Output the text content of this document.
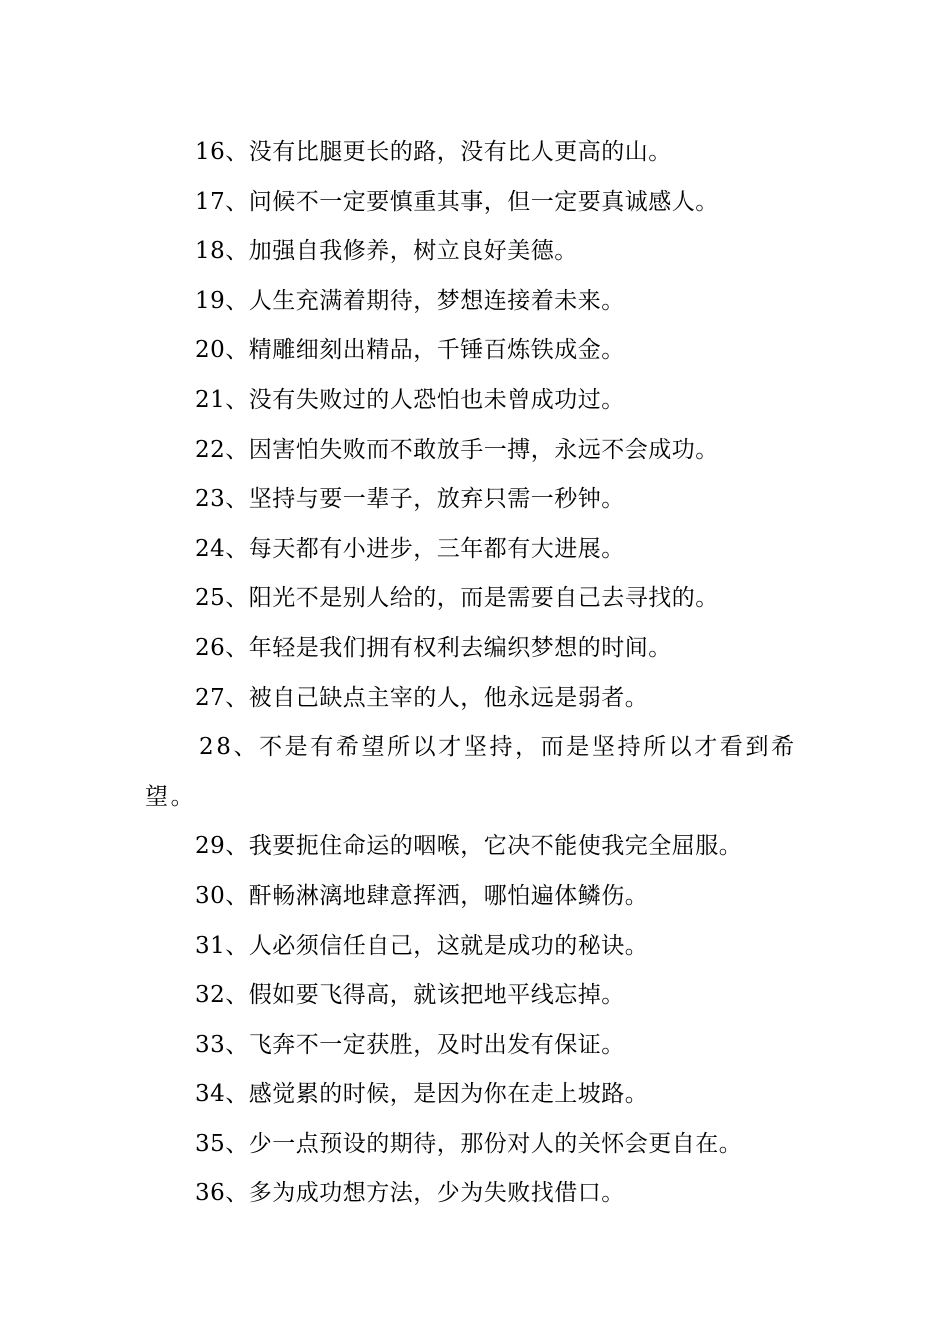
16、没有比腿更长的路，没有比人更高的山。
17、问候不一定要慎重其事，但一定要真诚感人。
18、加强自我修养，树立良好美德。
19、人生充满着期待，梦想连接着未来。
20、精雕细刻出精品，千锤百炼铁成金。
21、没有失败过的人恐怕也未曾成功过。
22、因害怕失败而不敢放手一搏，永远不会成功。
23、坚持与要一辈子，放弃只需一秒钟。
24、每天都有小进步，三年都有大进展。
25、阳光不是别人给的，而是需要自己去寻找的。
26、年轻是我们拥有权利去编织梦想的时间。
27、被自己缺点主宰的人，他永远是弱者。
28、不是有希望所以才坚持，而是坚持所以才看到希望。
29、我要扼住命运的咽喉，它决不能使我完全屈服。
30、酐畅淋漓地肆意挥洒，哪怕遍体鳞伤。
31、人必须信任自己，这就是成功的秘诀。
32、假如要飞得高，就该把地平线忘掉。
33、飞奔不一定获胜，及时出发有保证。
34、感觉累的时候，是因为你在走上坡路。
35、少一点预设的期待，那份对人的关怀会更自在。
36、多为成功想方法，少为失败找借口。
